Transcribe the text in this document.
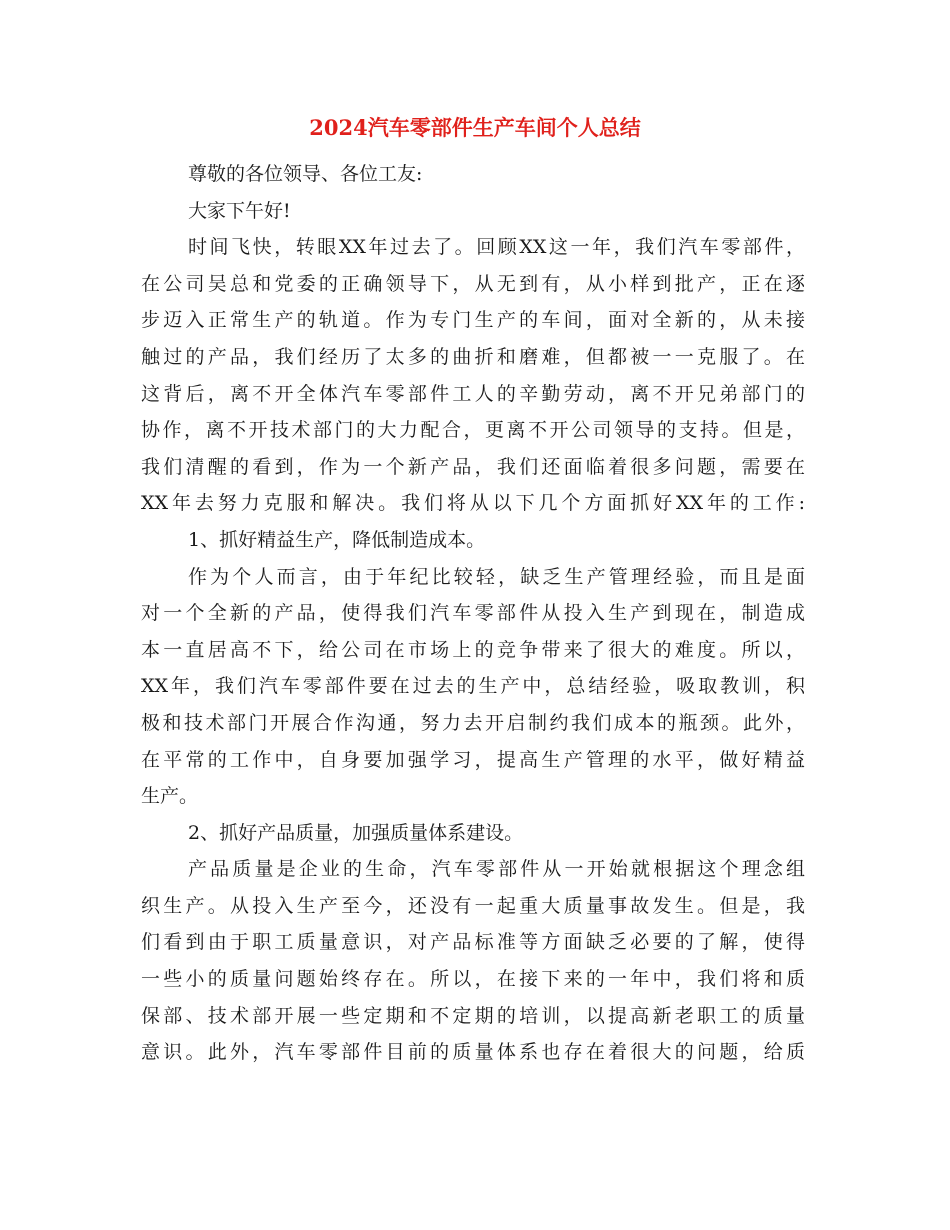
2024汽车零部件生产车间个人总结
尊敬的各位领导、各位工友:
大家下午好!
时间飞快，转眼XX年过去了。回顾XX这一年，我们汽车零部件，
在公司吴总和党委的正确领导下，从无到有，从小样到批产，正在逐
步迈入正常生产的轨道。作为专门生产的车间，面对全新的，从未接
触过的产品，我们经历了太多的曲折和磨难，但都被一一克服了。在
这背后，离不开全体汽车零部件工人的辛勤劳动，离不开兄弟部门的
协作，离不开技术部门的大力配合，更离不开公司领导的支持。但是，
我们清醒的看到，作为一个新产品，我们还面临着很多问题，需要在
XX年去努力克服和解决。我们将从以下几个方面抓好XX年的工作:
1、抓好精益生产，降低制造成本。
作为个人而言，由于年纪比较轻，缺乏生产管理经验，而且是面
对一个全新的产品，使得我们汽车零部件从投入生产到现在，制造成
本一直居高不下，给公司在市场上的竞争带来了很大的难度。所以，
XX年，我们汽车零部件要在过去的生产中，总结经验，吸取教训，积
极和技术部门开展合作沟通，努力去开启制约我们成本的瓶颈。此外，
在平常的工作中，自身要加强学习，提高生产管理的水平，做好精益
生产。
2、抓好产品质量，加强质量体系建设。
产品质量是企业的生命，汽车零部件从一开始就根据这个理念组
织生产。从投入生产至今，还没有一起重大质量事故发生。但是，我
们看到由于职工质量意识，对产品标准等方面缺乏必要的了解，使得
一些小的质量问题始终存在。所以，在接下来的一年中，我们将和质
保部、技术部开展一些定期和不定期的培训，以提高新老职工的质量
意识。此外，汽车零部件目前的质量体系也存在着很大的问题，给质
